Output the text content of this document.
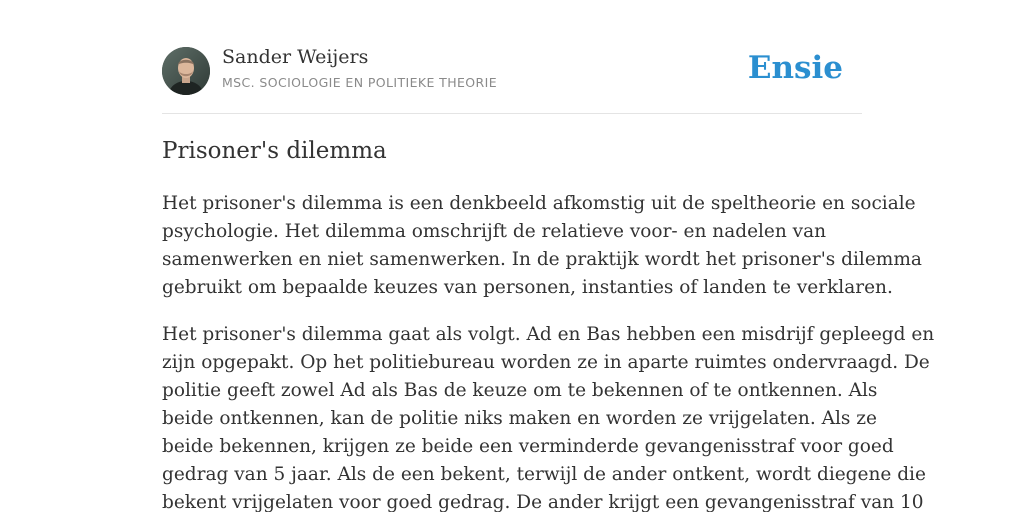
Sander Weijers
MSC. SOCIOLOGIE EN POLITIEKE THEORIE	Ensie
Prisoner's dilemma
Het prisoner's dilemma is een denkbeeld afkomstig uit de speltheorie en sociale
psychologie. Het dilemma omschrijft de relatieve voor- en nadelen van
samenwerken en niet samenwerken. In de praktijk wordt het prisoner's dilemma
gebruikt om bepaalde keuzes van personen, instanties of landen te verklaren.
Het prisoner's dilemma gaat als volgt. Ad en Bas hebben een misdrijf gepleegd en
zijn opgepakt. Op het politiebureau worden ze in aparte ruimtes ondervraagd. De
politie geeft zowel Ad als Bas de keuze om te bekennen of te ontkennen. Als
beide ontkennen, kan de politie niks maken en worden ze vrijgelaten. Als ze
beide bekennen, krijgen ze beide een verminderde gevangenisstraf voor goed
gedrag van 5 jaar. Als de een bekent, terwijl de ander ontkent, wordt diegene die
bekent vrijgelaten voor goed gedrag. De ander krijgt een gevangenisstraf van 10
